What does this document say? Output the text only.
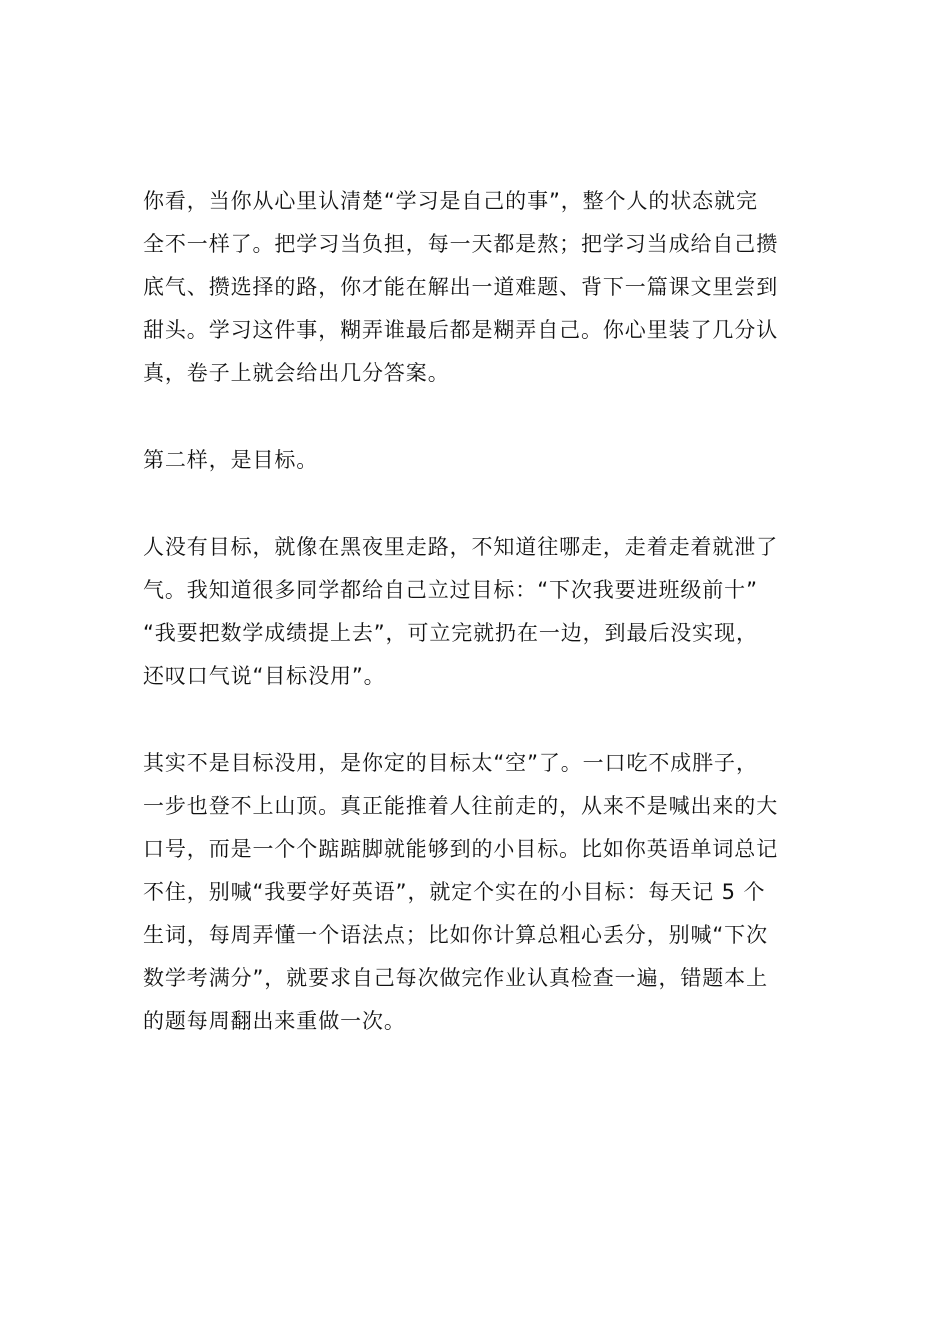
你看，当你从心里认清楚“学习是自己的事”，整个人的状态就完
全不一样了。把学习当负担，每一天都是熬；把学习当成给自己攒
底气、攒选择的路，你才能在解出一道难题、背下一篇课文里尝到
甜头。学习这件事，糊弄谁最后都是糊弄自己。你心里装了几分认
真，卷子上就会给出几分答案。
第二样，是目标。
人没有目标，就像在黑夜里走路，不知道往哪走，走着走着就泄了
气。我知道很多同学都给自己立过目标：“下次我要进班级前十”
“我要把数学成绩提上去”，可立完就扔在一边，到最后没实现，
还叹口气说“目标没用”。
其实不是目标没用，是你定的目标太“空”了。一口吃不成胖子，
一步也登不上山顶。真正能推着人往前走的，从来不是喊出来的大
口号，而是一个个踮踮脚就能够到的小目标。比如你英语单词总记
不住，别喊“我要学好英语”，就定个实在的小目标：每天记 5 个
生词，每周弄懂一个语法点；比如你计算总粗心丢分，别喊“下次
数学考满分”，就要求自己每次做完作业认真检查一遍，错题本上
的题每周翻出来重做一次。
